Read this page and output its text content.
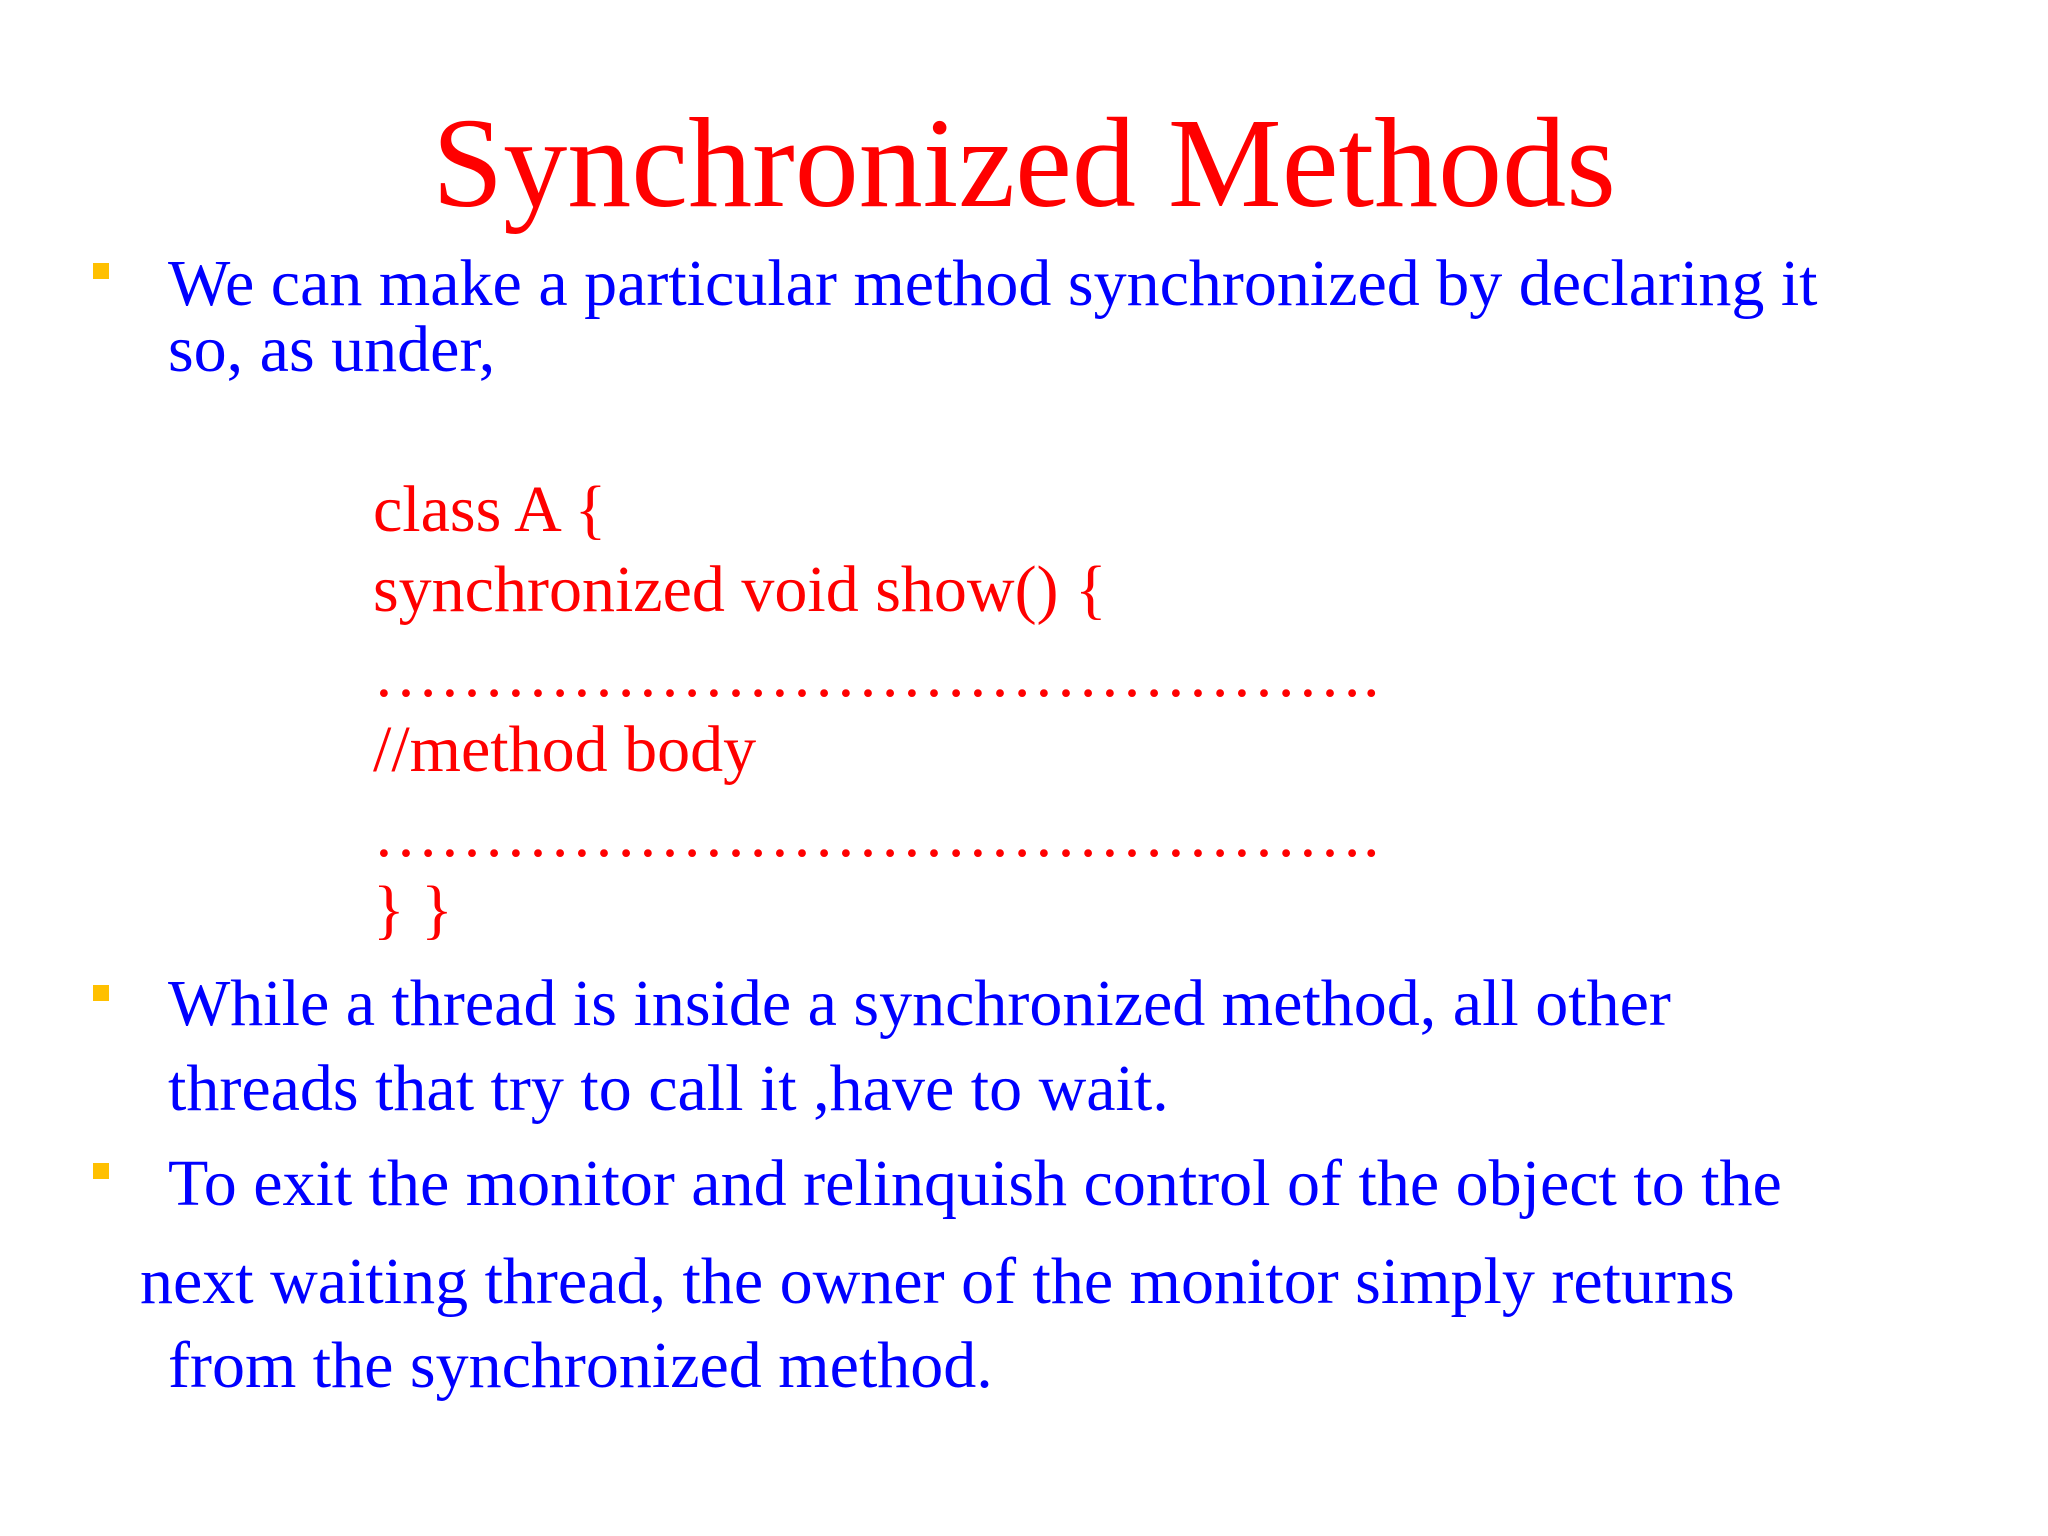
Synchronized Methods
We can make a particular method synchronized by declaring it
so, as under,
class A {
synchronized void show() {
……………………………………….
//method body
……………………………………….
} }
While a thread is inside a synchronized method, all other
threads that try to call it ,have to wait.
To exit the monitor and relinquish control of the object to the
next waiting thread, the owner of the monitor simply returns
from the synchronized method.
